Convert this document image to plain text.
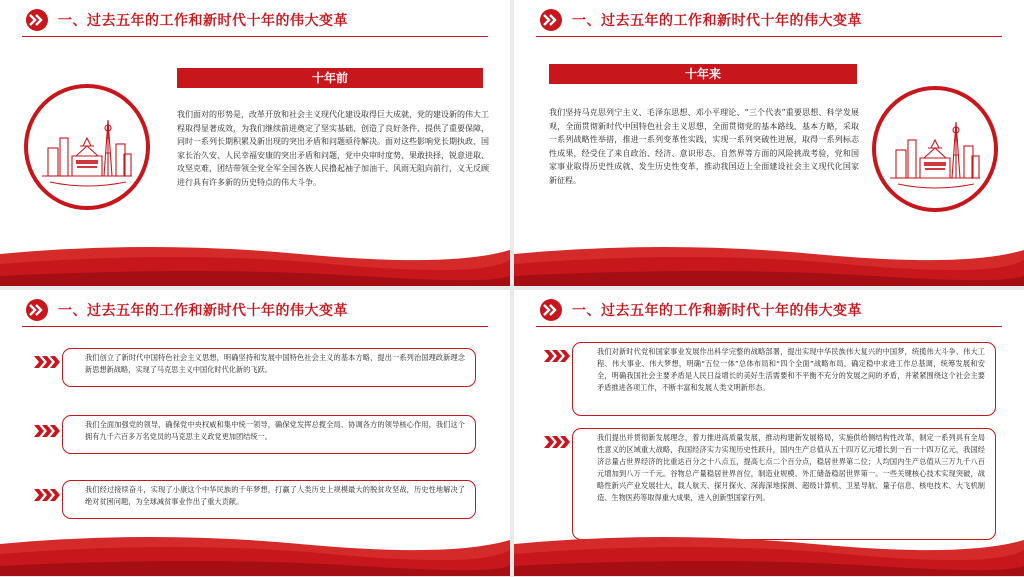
一、过去五年的工作和新时代十年的伟大变革
十年前
我们面对的形势是，改革开放和社会主义现代化建设取得巨大成就，党的建设新的伟大工程取得显著成效，为我们继续前进奠定了坚实基础、创造了良好条件、提供了重要保障，同时一系列长期积累及新出现的突出矛盾和问题亟待解决。面对这些影响党长期执政、国家长治久安、人民幸福安康的突出矛盾和问题，党中央审时度势、果敢抉择，锐意进取、攻坚克难，团结带领全党全军全国各族人民撸起袖子加油干、风雨无阻向前行，义无反顾进行具有许多新的历史特点的伟大斗争。
一、过去五年的工作和新时代十年的伟大变革
十年来
我们坚持马克思列宁主义、毛泽东思想、邓小平理论、“三个代表”重要思想、科学发展观，全面贯彻新时代中国特色社会主义思想，全面贯彻党的基本路线、基本方略，采取一系列战略性举措，推进一系列变革性实践，实现一系列突破性进展，取得一系列标志性成果，经受住了来自政治、经济、意识形态、自然界等方面的风险挑战考验，党和国家事业取得历史性成就、发生历史性变革，推动我国迈上全面建设社会主义现代化国家新征程。
一、过去五年的工作和新时代十年的伟大变革
我们创立了新时代中国特色社会主义思想，明确坚持和发展中国特色社会主义的基本方略，提出一系列治国理政新理念新思想新战略，实现了马克思主义中国化时代化新的飞跃。
我们全面加强党的领导，确保党中央权威和集中统一领导，确保党发挥总揽全局、协调各方的领导核心作用，我们这个拥有九千六百多万名党员的马克思主义政党更加团结统一。
我们经过接续奋斗，实现了小康这个中华民族的千年梦想，打赢了人类历史上规模最大的脱贫攻坚战，历史性地解决了绝对贫困问题，为全球减贫事业作出了重大贡献。
一、过去五年的工作和新时代十年的伟大变革
我们对新时代党和国家事业发展作出科学完整的战略部署，提出实现中华民族伟大复兴的中国梦，统揽伟大斗争、伟大工程、伟大事业、伟大梦想，明确“五位一体”总体布局和“四个全面”战略布局，确定稳中求进工作总基调，统筹发展和安全，明确我国社会主要矛盾是人民日益增长的美好生活需要和不平衡不充分的发展之间的矛盾，并紧紧围绕这个社会主要矛盾推进各项工作，不断丰富和发展人类文明新形态。
我们提出并贯彻新发展理念，着力推进高质量发展，推动构建新发展格局，实施供给侧结构性改革，制定一系列具有全局性意义的区域重大战略，我国经济实力实现历史性跃升，国内生产总值从五十四万亿元增长到一百一十四万亿元，我国经济总量占世界经济的比重达百分之十八点五，提高七点二个百分点，稳居世界第二位；人均国内生产总值从三万九千八百元增加到八万一千元。谷物总产量稳居世界首位，制造业规模、外汇储备稳居世界第一。一些关键核心技术实现突破，战略性新兴产业发展壮大，载人航天、探月探火、深海深地探测、超级计算机、卫星导航、量子信息、核电技术、大飞机制造、生物医药等取得重大成果，进入创新型国家行列。
